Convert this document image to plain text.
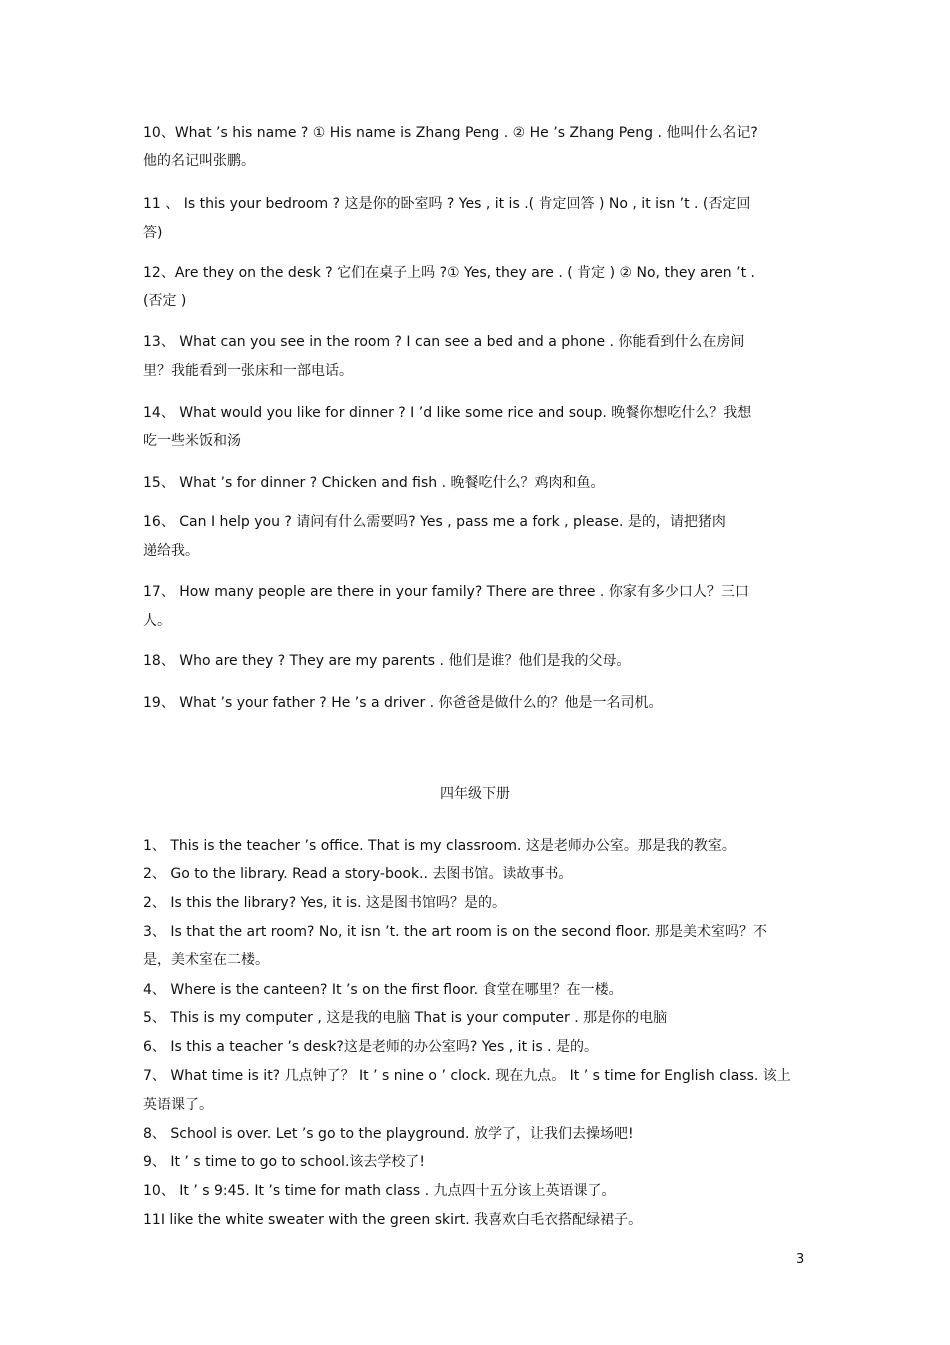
10、What ’s his name ? ① His name is Zhang Peng . ② He ’s Zhang Peng . 他叫什么名记?
他的名记叫张鹏。
11 、 Is this your bedroom ? 这是你的卧室吗 ? Yes , it is .( 肯定回答 ) No , it isn ’t . (否定回
答)
12、Are they on the desk ? 它们在桌子上吗 ?① Yes, they are . ( 肯定 ) ② No, they aren ’t .
(否定 )
13、 What can you see in the room ? I can see a bed and a phone . 你能看到什么在房间
里？我能看到一张床和一部电话。
14、 What would you like for dinner ? I ’d like some rice and soup. 晚餐你想吃什么？我想
吃一些米饭和汤
15、 What ’s for dinner ? Chicken and fish . 晚餐吃什么？鸡肉和鱼。
16、 Can I help you ? 请问有什么需要吗? Yes , pass me a fork , please. 是的，请把猪肉
递给我。
17、 How many people are there in your family? There are three . 你家有多少口人？三口
人。
18、 Who are they ? They are my parents . 他们是谁？他们是我的父母。
19、 What ’s your father ? He ’s a driver . 你爸爸是做什么的？他是一名司机。
四年级下册
1、 This is the teacher ’s office. That is my classroom. 这是老师办公室。那是我的教室。
2、 Go to the library. Read a story-book.. 去图书馆。读故事书。
2、 Is this the library? Yes, it is. 这是图书馆吗？是的。
3、 Is that the art room? No, it isn ’t. the art room is on the second floor. 那是美术室吗？不
是，美术室在二楼。
4、 Where is the canteen? It ’s on the first floor. 食堂在哪里？在一楼。
5、 This is my computer , 这是我的电脑 That is your computer . 那是你的电脑
6、 Is this a teacher ’s desk?这是老师的办公室吗? Yes , it is . 是的。
7、 What time is it? 几点钟了？ It ’ s nine o ’ clock. 现在九点。 It ’ s time for English class. 该上
英语课了。
8、 School is over. Let ’s go to the playground. 放学了，让我们去操场吧!
9、 It ’ s time to go to school.该去学校了!
10、 It ’ s 9:45. It ’s time for math class . 九点四十五分该上英语课了。
11I like the white sweater with the green skirt. 我喜欢白毛衣搭配绿裙子。
3
